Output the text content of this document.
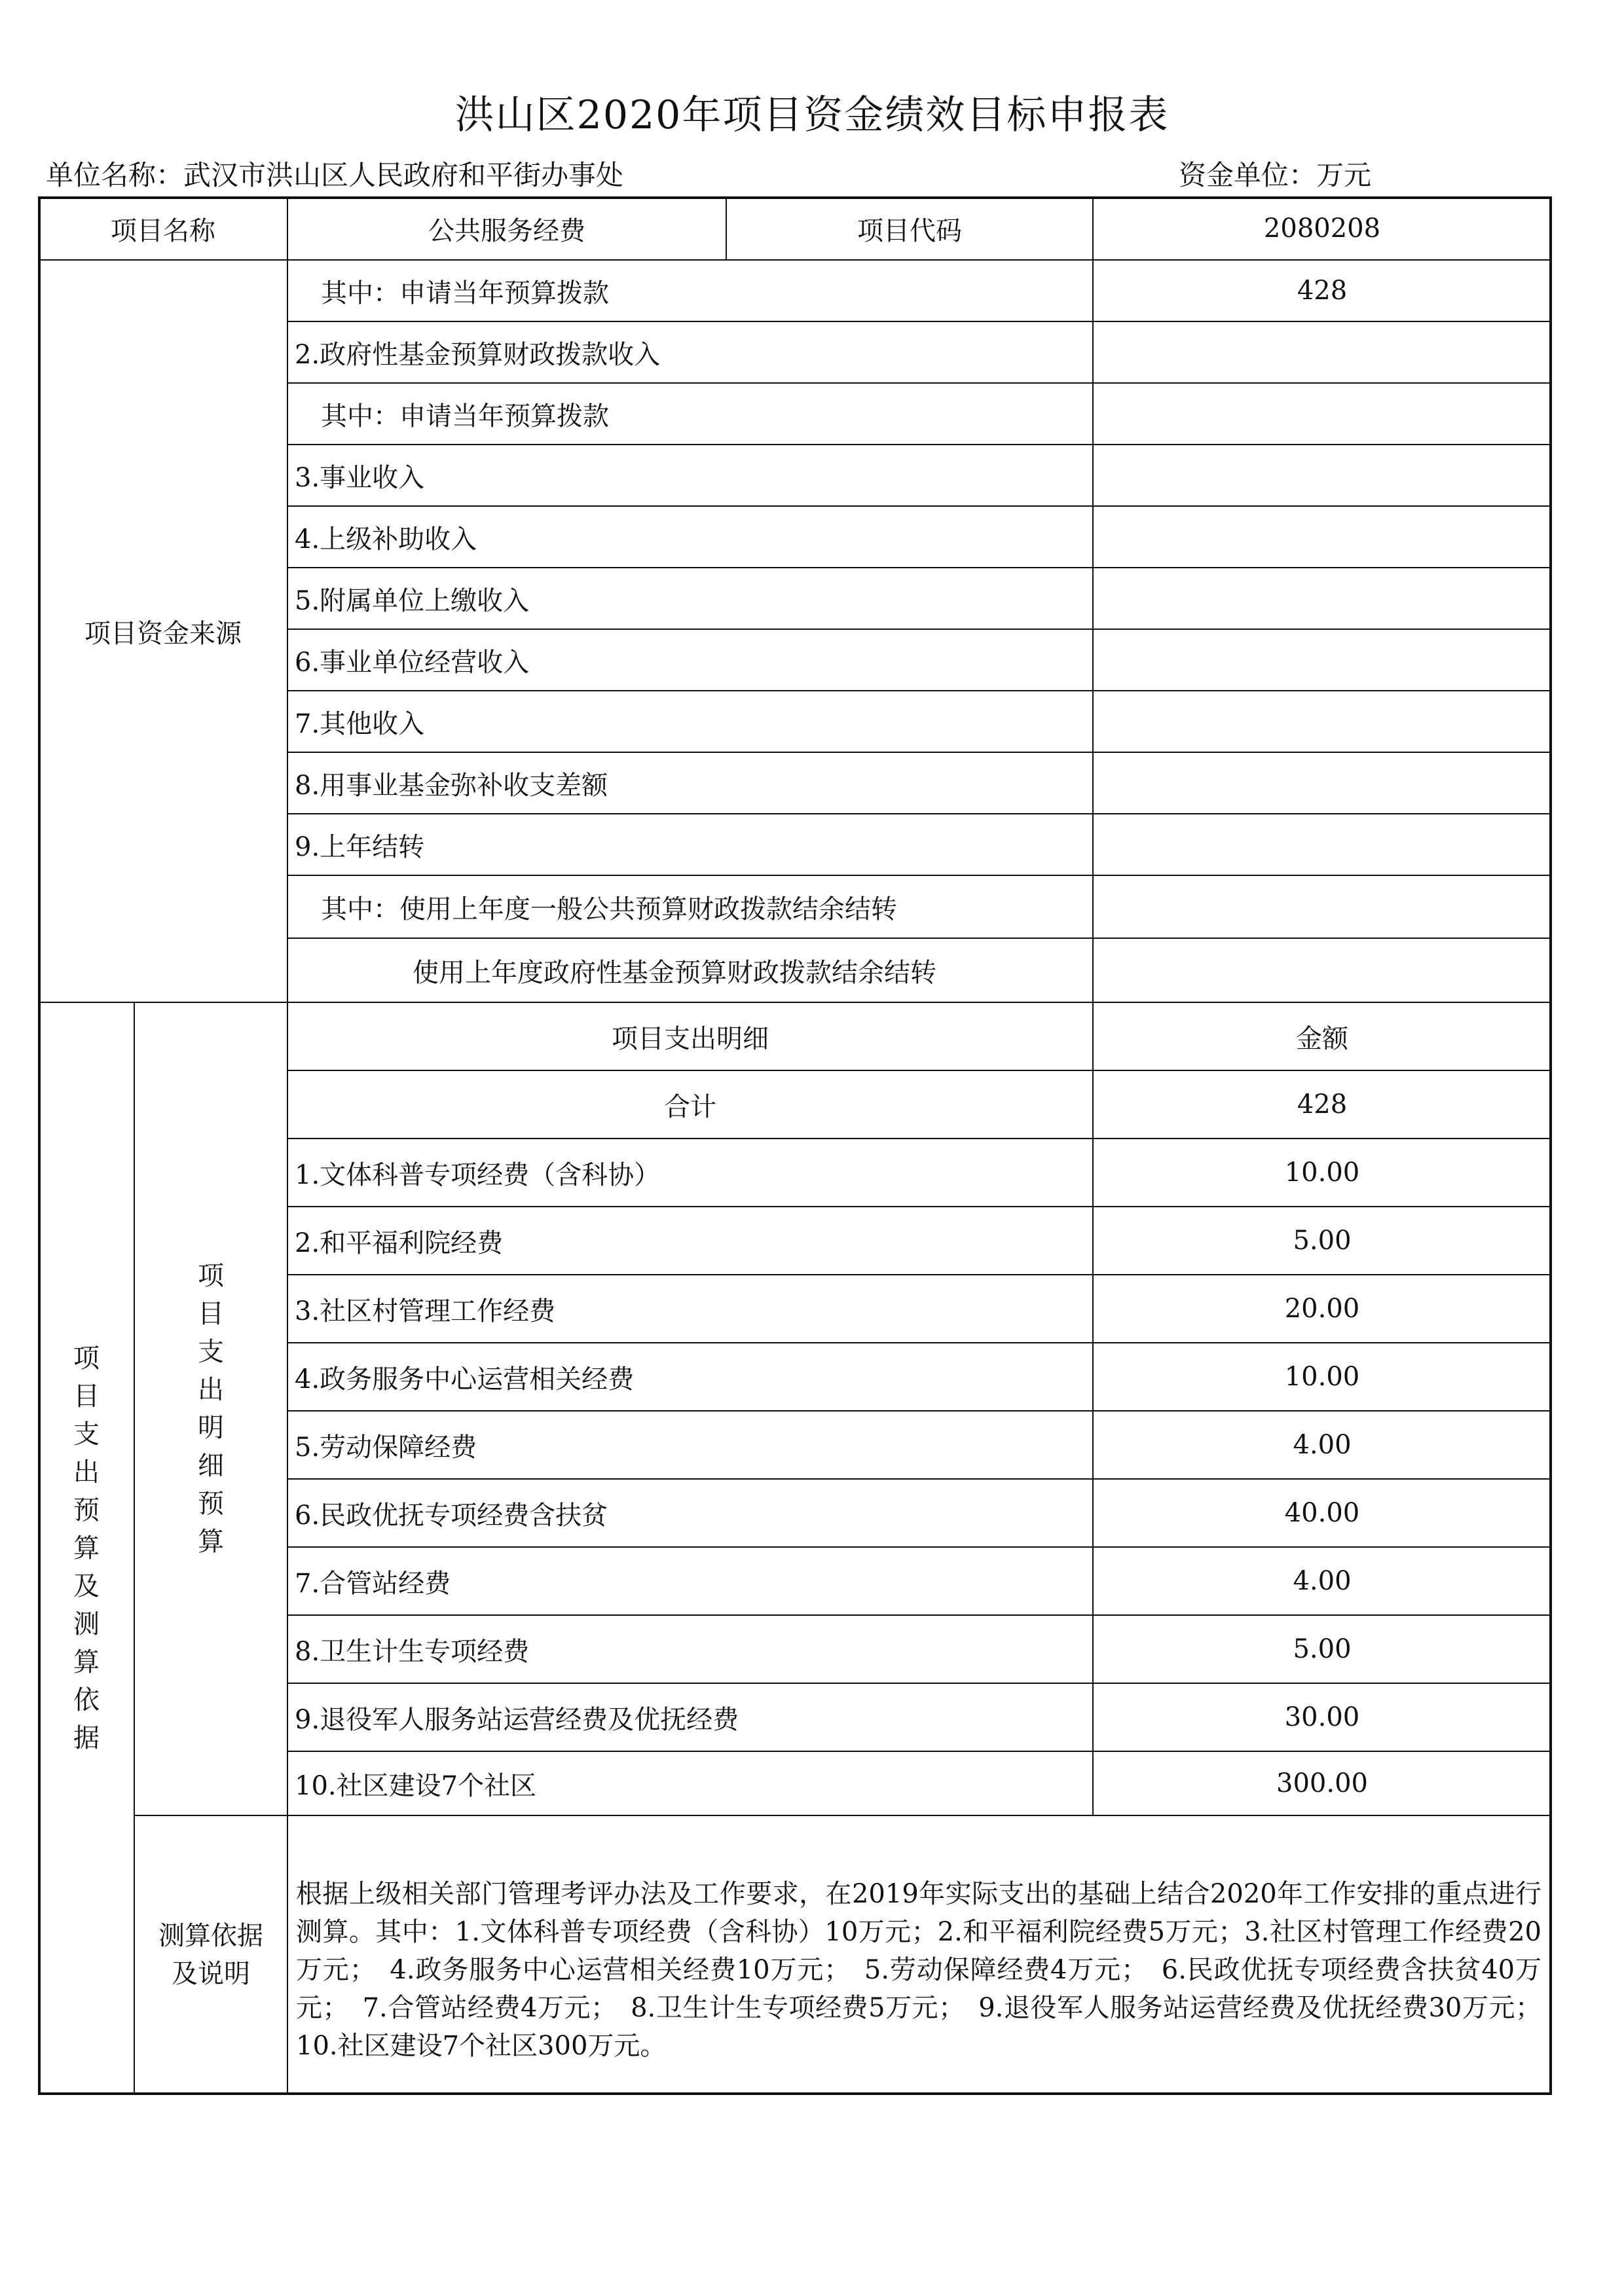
洪山区2020年项目资金绩效目标申报表
单位名称：武汉市洪山区人民政府和平街办事处	资金单位：万元
项目名称	公共服务经费	项目代码	2080208
项目资金来源
其中：申请当年预算拨款	428
2.政府性基金预算财政拨款收入
其中：申请当年预算拨款
3.事业收入
4.上级补助收入
5.附属单位上缴收入
6.事业单位经营收入
7.其他收入
8.用事业基金弥补收支差额
9.上年结转
其中：使用上年度一般公共预算财政拨款结余结转
使用上年度政府性基金预算财政拨款结余结转
项
目
支
出
预
算
及
测
算
依
据
项
目
支
出
明
细
预
算
项目支出明细	金额
合计	428
1.文体科普专项经费（含科协）	10.00
2.和平福利院经费	5.00
3.社区村管理工作经费	20.00
4.政务服务中心运营相关经费	10.00
5.劳动保障经费	4.00
6.民政优抚专项经费含扶贫	40.00
7.合管站经费	4.00
8.卫生计生专项经费	5.00
9.退役军人服务站运营经费及优抚经费	30.00
10.社区建设7个社区	300.00
测算依据
及说明
根据上级相关部门管理考评办法及工作要求，在2019年实际支出的基础上结合2020年工作安排的重点进行测算。其中：1.文体科普专项经费（含科协）10万元；2.和平福利院经费5万元；3.社区村管理工作经费20万元；　4.政务服务中心运营相关经费10万元；　5.劳动保障经费4万元；　6.民政优抚专项经费含扶贫40万元；　7.合管站经费4万元；　8.卫生计生专项经费5万元；　9.退役军人服务站运营经费及优抚经费30万元；10.社区建设7个社区300万元。
